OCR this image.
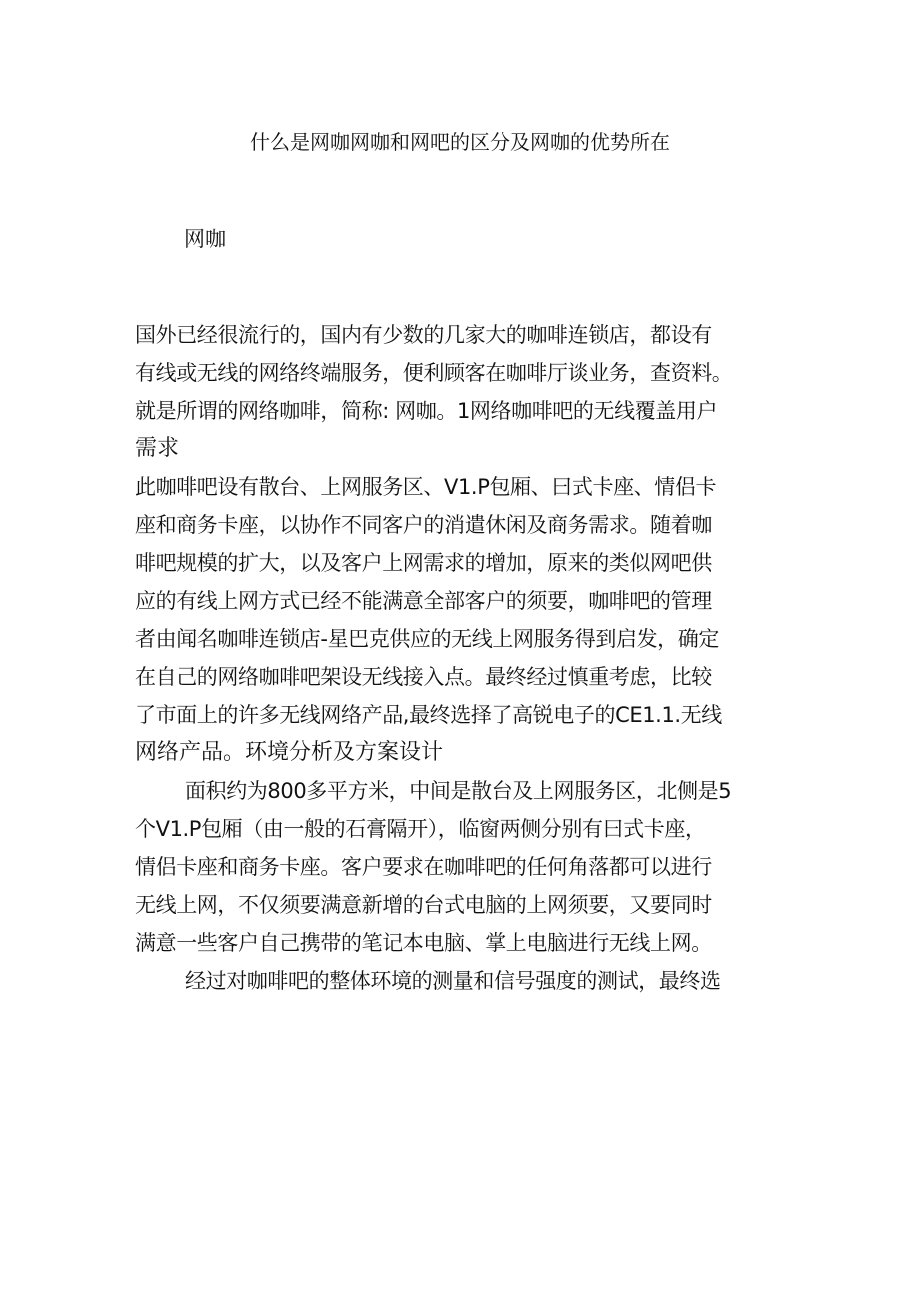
什么是网咖网咖和网吧的区分及网咖的优势所在
网咖
国外已经很流行的，国内有少数的几家大的咖啡连锁店，都设有
有线或无线的网络终端服务，便利顾客在咖啡厅谈业务，查资料。
就是所谓的网络咖啡，简称: 网咖。1网络咖啡吧的无线覆盖用户
需求
此咖啡吧设有散台、上网服务区、V1.P包厢、曰式卡座、情侣卡
座和商务卡座，以协作不同客户的消遣休闲及商务需求。随着咖
啡吧规模的扩大，以及客户上网需求的增加，原来的类似网吧供
应的有线上网方式已经不能满意全部客户的须要，咖啡吧的管理
者由闻名咖啡连锁店-星巴克供应的无线上网服务得到启发，确定
在自己的网络咖啡吧架设无线接入点。最终经过慎重考虑，比较
了市面上的许多无线网络产品,最终选择了高锐电子的CE1.1.无线
网络产品。环境分析及方案设计
面积约为800多平方米，中间是散台及上网服务区，北侧是5
个V1.P包厢（由一般的石膏隔开），临窗两侧分别有曰式卡座，
情侣卡座和商务卡座。客户要求在咖啡吧的任何角落都可以进行
无线上网，不仅须要满意新增的台式电脑的上网须要，又要同时
满意一些客户自己携带的笔记本电脑、掌上电脑进行无线上网。
经过对咖啡吧的整体环境的测量和信号强度的测试，最终选
